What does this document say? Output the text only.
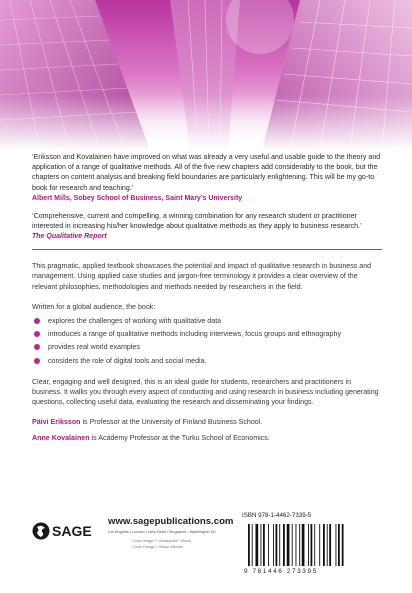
‘Eriksson and Kovalainen have improved on what was already a very useful and usable guide to the theory and application of a range of qualitative methods. All of the five new chapters add considerably to the book, but the chapters on content analysis and breaking field boundaries are particularly enlightening. This will be my go-to book for research and teaching.’

Albert Mills, Sobey School of Business, Saint Mary’s University

‘Comprehensive, current and compelling, a winning combination for any research student or practitioner interested in increasing his/her knowledge about qualitative methods as they apply to business research.’

The Qualitative Report

This pragmatic, applied textbook showcases the potential and impact of qualitative research in business and management. Using applied case studies and jargon-free terminology it provides a clear overview of the relevant philosophies, methodologies and methods needed by researchers in the field.

Written for a global audience, the book:

explores the challenges of working with qualitative data
introduces a range of qualitative methods including interviews, focus groups and ethnography
provides real world examples
considers the role of digital tools and social media.

Clear, engaging and well designed, this is an ideal guide for students, researchers and practitioners in business. It walks you through every aspect of conducting and using research in business including generating questions, collecting useful data, evaluating the research and disseminating your findings.

Päivi Eriksson is Professor at the University of Finland Business School.

Anne Kovalainen is Academy Professor at the Turku School of Economics.

SAGE
www.sagepublications.com
Los Angeles • London • New Delhi • Singapore • Washington DC
Cover image © Vandeputte / iStock
Cover Design • Shaun Mercier
ISBN 978-1-4462-7339-5
9 781446 273395
